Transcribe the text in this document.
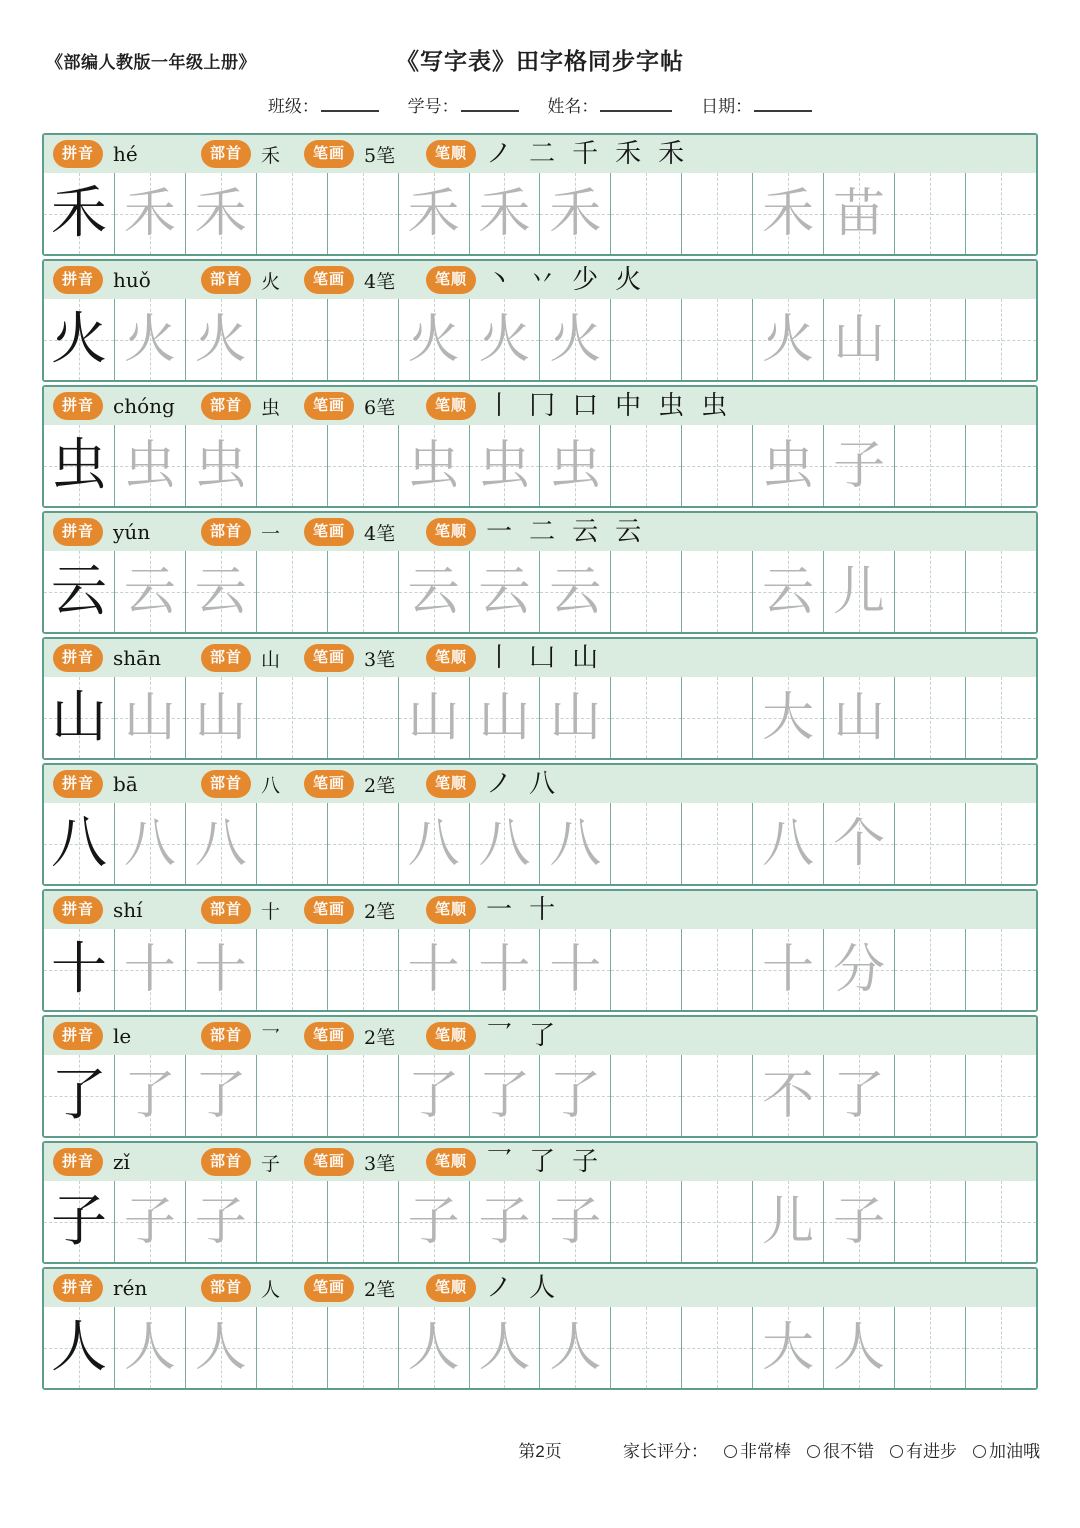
《部编人教版一年级上册》	《写字表》田字格同步字帖
班级：	学号：	姓名：	日期：
拼音 hé	部首	禾	笔画	5笔	笔顺 ノ 二 千 禾 禾
禾 禾 禾	禾 禾 禾	禾 苗
拼音 huǒ	部首	火	笔画	4笔	笔顺 丶 丷 少 火
火 火 火	火 火 火	火 山
拼音 chóng	部首	虫	笔画	6笔	笔顺 丨 冂 口 中 虫 虫
虫 虫 虫	虫 虫 虫	虫 子
拼音 yún	部首	一	笔画	4笔	笔顺 一 二 云 云
云 云 云	云 云 云	云 儿
拼音 shān	部首	山	笔画	3笔	笔顺 丨 凵 山
山 山 山	山 山 山	大 山
拼音 bā	部首	八	笔画	2笔	笔顺 ノ 八
八 八 八	八 八 八	八 个
拼音 shí	部首	十	笔画	2笔	笔顺 一 十
十 十 十	十 十 十	十 分
拼音 le	部首	乛	笔画	2笔	笔顺 乛 了
了 了 了	了 了 了	不 了
拼音 zǐ	部首	子	笔画	3笔	笔顺 乛 了 子
子 子 子	子 子 子	儿 子
拼音 rén	部首	人	笔画	2笔	笔顺 ノ 人
人 人 人	人 人 人	大 人
第2页	家长评分： 非常棒 很不错 有进步 加油哦
